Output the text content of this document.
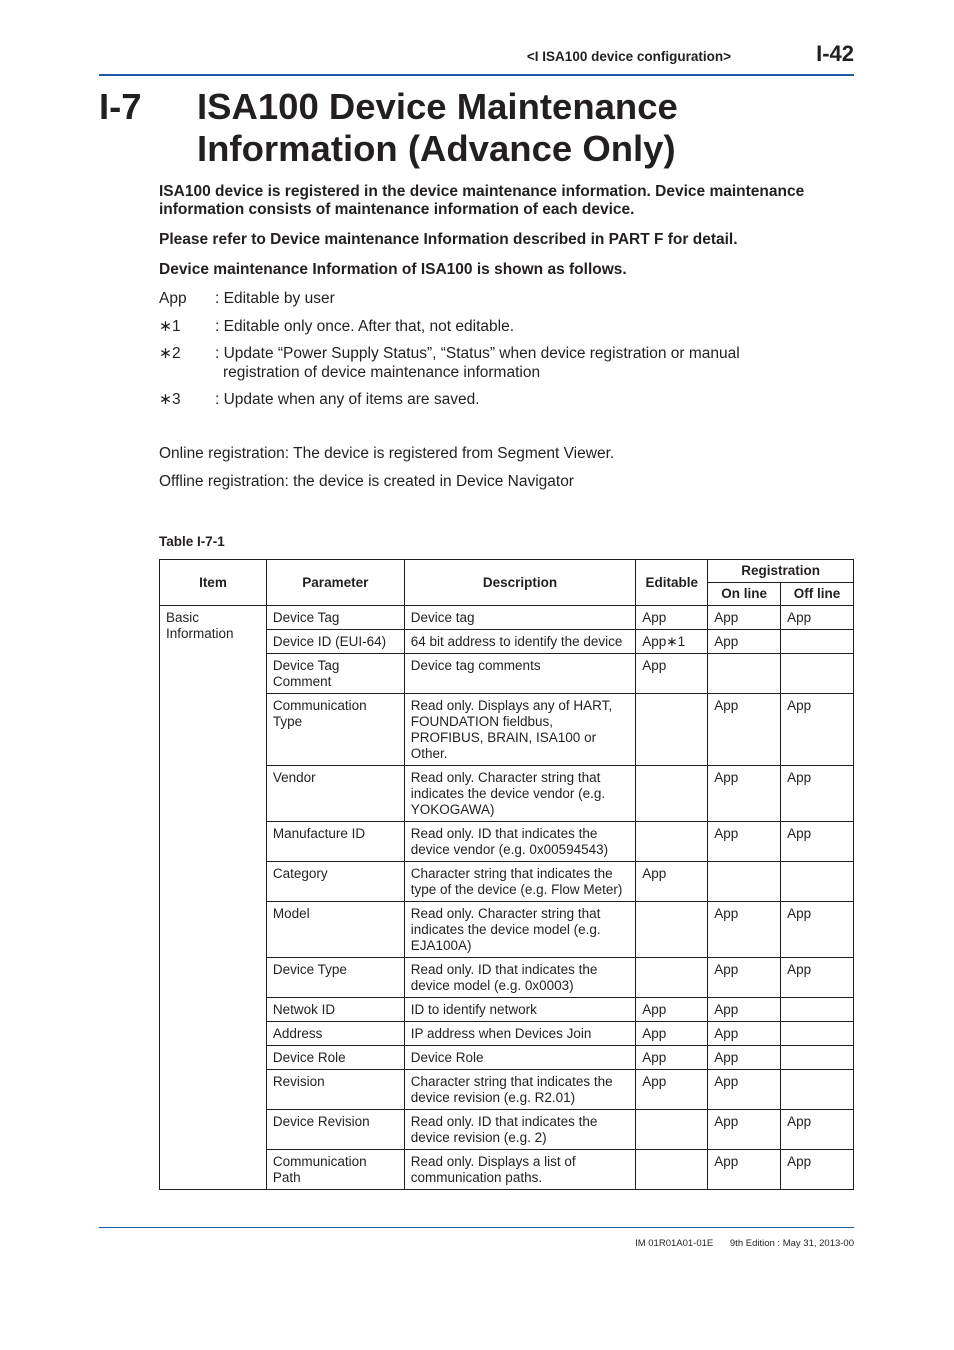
<I ISA100 device configuration>	I-42
I-7 ISA100 Device Maintenance Information (Advance Only)
ISA100 device is registered in the device maintenance information. Device maintenance information consists of maintenance information of each device.
Please refer to Device maintenance Information described in PART F for detail.
Device maintenance Information of ISA100 is shown as follows.
App : Editable by user
∗1 : Editable only once. After that, not editable.
∗2 : Update “Power Supply Status”, “Status” when device registration or manual
registration of device maintenance information
∗3 : Update when any of items are saved.
Online registration: The device is registered from Segment Viewer.
Offline registration: the device is created in Device Navigator
Table I-7-1
Item	Parameter	Description	Editable	Registration	
				On line	Off line
Basic Information	Device Tag	Device tag	App	App	App
	Device ID (EUI-64)	64 bit address to identify the device	App∗1	App	
	Device Tag Comment	Device tag comments	App		
	Communication Type	Read only. Displays any of HART, FOUNDATION fieldbus, PROFIBUS, BRAIN, ISA100 or Other.		App	App
	Vendor	Read only. Character string that indicates the device vendor (e.g. YOKOGAWA)		App	App
	Manufacture ID	Read only. ID that indicates the device vendor (e.g. 0x00594543)		App	App
	Category	Character string that indicates the type of the device (e.g. Flow Meter)	App		
	Model	Read only. Character string that indicates the device model (e.g. EJA100A)		App	App
	Device Type	Read only. ID that indicates the device model (e.g. 0x0003)		App	App
	Netwok ID	ID to identify network	App	App	
	Address	IP address when Devices Join	App	App	
	Device Role	Device Role	App	App	
	Revision	Character string that indicates the device revision (e.g. R2.01)	App	App	
	Device Revision	Read only. ID that indicates the device revision (e.g. 2)		App	App
	Communication Path	Read only. Displays a list of communication paths.		App	App
IM 01R01A01-01E 9th Edition : May 31, 2013-00
